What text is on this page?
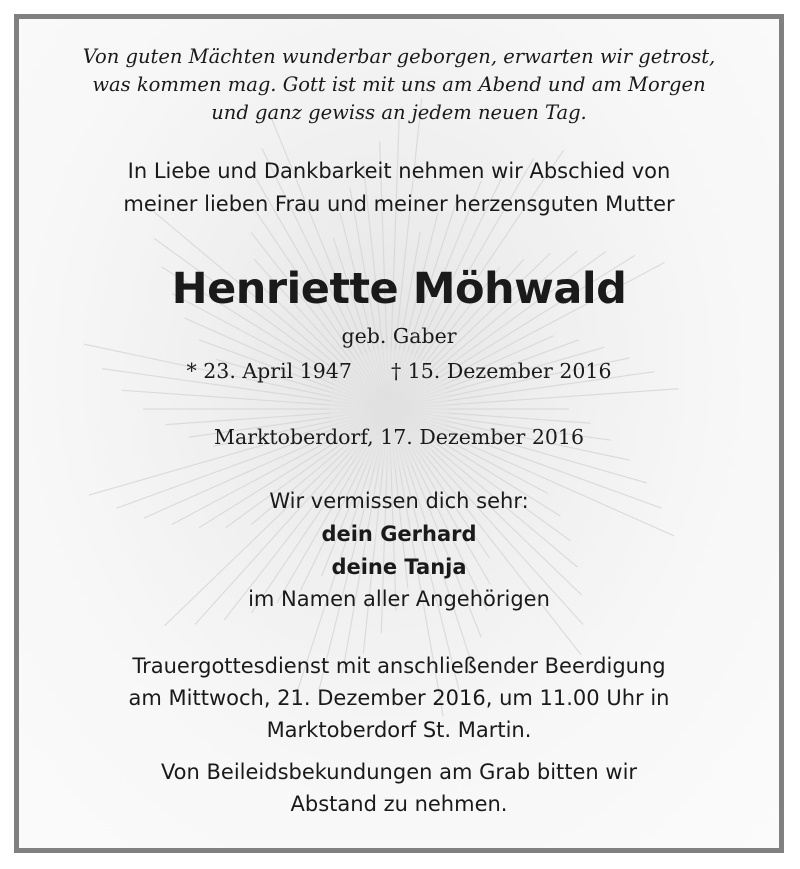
Von guten Mächten wunderbar geborgen, erwarten wir getrost,
was kommen mag. Gott ist mit uns am Abend und am Morgen
und ganz gewiss an jedem neuen Tag.
In Liebe und Dankbarkeit nehmen wir Abschied von
meiner lieben Frau und meiner herzensguten Mutter
Henriette Möhwald
geb. Gaber
* 23. April 1947 † 15. Dezember 2016
Marktoberdorf, 17. Dezember 2016
Wir vermissen dich sehr:
dein Gerhard
deine Tanja
im Namen aller Angehörigen
Trauergottesdienst mit anschließender Beerdigung
am Mittwoch, 21. Dezember 2016, um 11.00 Uhr in
Marktoberdorf St. Martin.
Von Beileidsbekundungen am Grab bitten wir
Abstand zu nehmen.
